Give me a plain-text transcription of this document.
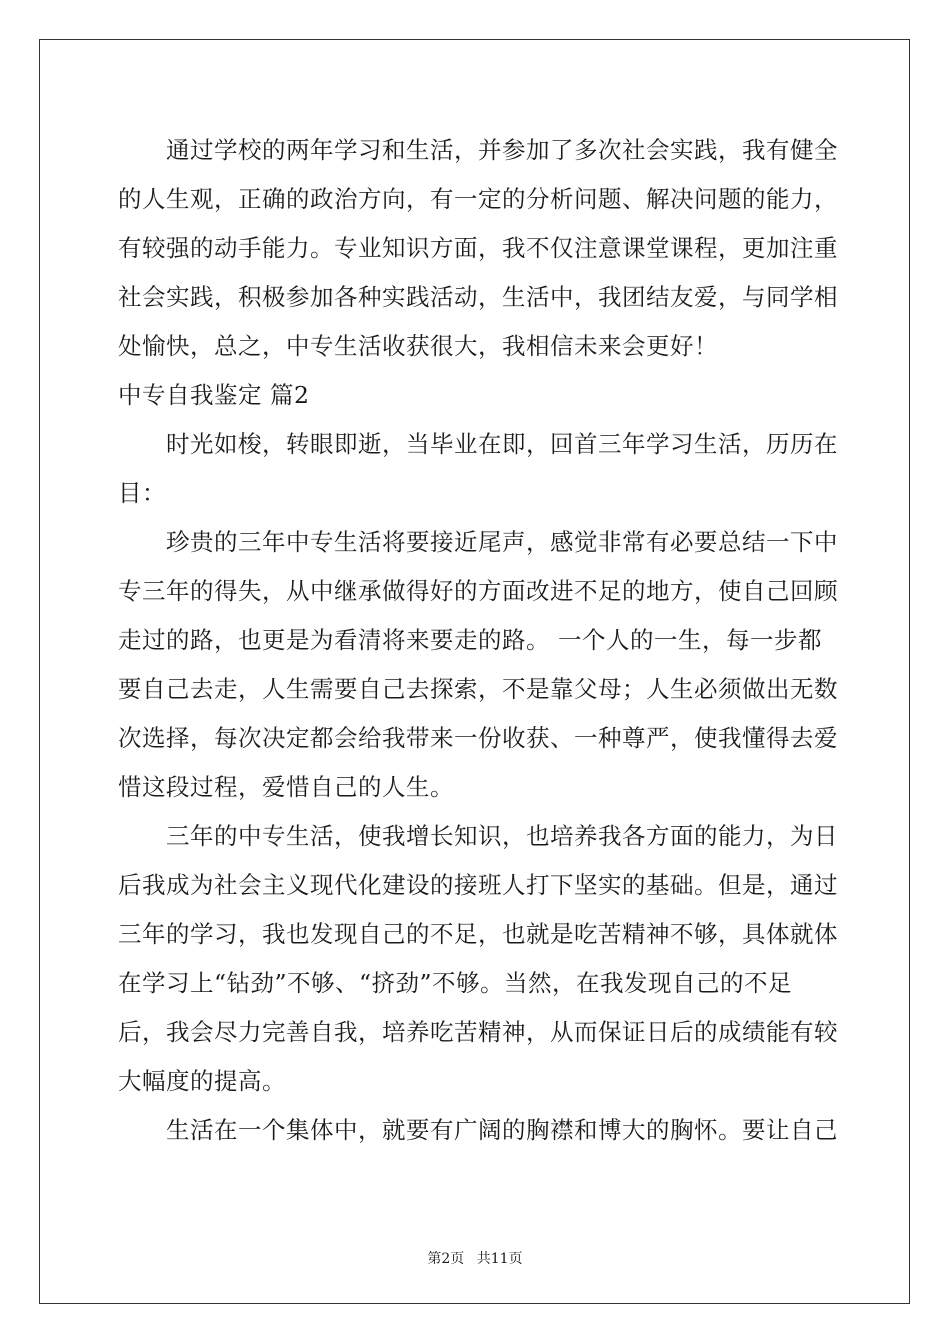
　　通过学校的两年学习和生活，并参加了多次社会实践，我有健全
的人生观，正确的政治方向，有一定的分析问题、解决问题的能力，
有较强的动手能力。专业知识方面，我不仅注意课堂课程，更加注重
社会实践，积极参加各种实践活动，生活中，我团结友爱，与同学相
处愉快，总之，中专生活收获很大，我相信未来会更好！
中专自我鉴定 篇2
　　时光如梭，转眼即逝，当毕业在即，回首三年学习生活，历历在
目：
　　珍贵的三年中专生活将要接近尾声，感觉非常有必要总结一下中
专三年的得失，从中继承做得好的方面改进不足的地方，使自己回顾
走过的路，也更是为看清将来要走的路。 一个人的一生，每一步都
要自己去走，人生需要自己去探索，不是靠父母；人生必须做出无数
次选择，每次决定都会给我带来一份收获、一种尊严，使我懂得去爱
惜这段过程，爱惜自己的人生。
　　三年的中专生活，使我增长知识，也培养我各方面的能力，为日
后我成为社会主义现代化建设的接班人打下坚实的基础。但是，通过
三年的学习，我也发现自己的不足，也就是吃苦精神不够，具体就体
在学习上“钻劲”不够、“挤劲”不够。当然，在我发现自己的不足
后，我会尽力完善自我，培养吃苦精神，从而保证日后的成绩能有较
大幅度的提高。
　　生活在一个集体中，就要有广阔的胸襟和博大的胸怀。要让自己
第2页 共11页
